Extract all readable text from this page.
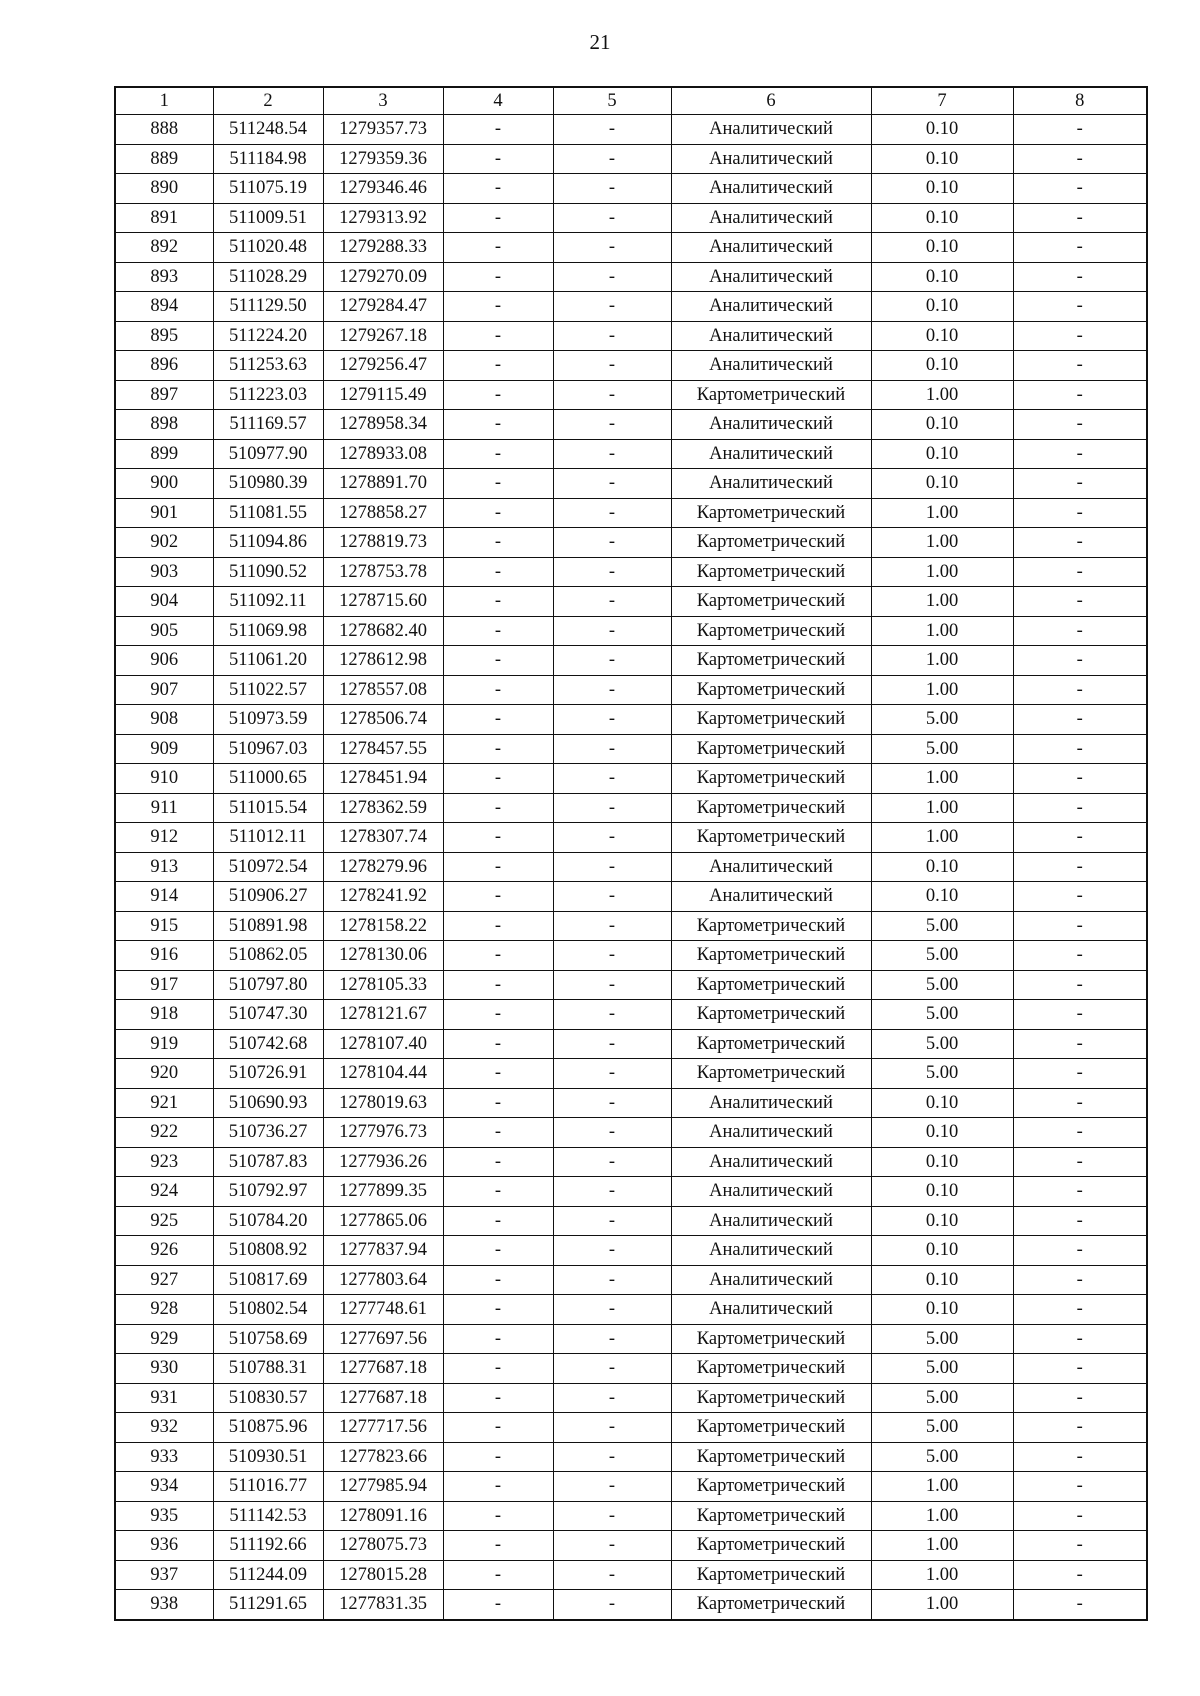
21
1	2	3	4	5	6	7	8
888	511248.54	1279357.73	-	-	Аналитический	0.10	-
889	511184.98	1279359.36	-	-	Аналитический	0.10	-
890	511075.19	1279346.46	-	-	Аналитический	0.10	-
891	511009.51	1279313.92	-	-	Аналитический	0.10	-
892	511020.48	1279288.33	-	-	Аналитический	0.10	-
893	511028.29	1279270.09	-	-	Аналитический	0.10	-
894	511129.50	1279284.47	-	-	Аналитический	0.10	-
895	511224.20	1279267.18	-	-	Аналитический	0.10	-
896	511253.63	1279256.47	-	-	Аналитический	0.10	-
897	511223.03	1279115.49	-	-	Картометрический	1.00	-
898	511169.57	1278958.34	-	-	Аналитический	0.10	-
899	510977.90	1278933.08	-	-	Аналитический	0.10	-
900	510980.39	1278891.70	-	-	Аналитический	0.10	-
901	511081.55	1278858.27	-	-	Картометрический	1.00	-
902	511094.86	1278819.73	-	-	Картометрический	1.00	-
903	511090.52	1278753.78	-	-	Картометрический	1.00	-
904	511092.11	1278715.60	-	-	Картометрический	1.00	-
905	511069.98	1278682.40	-	-	Картометрический	1.00	-
906	511061.20	1278612.98	-	-	Картометрический	1.00	-
907	511022.57	1278557.08	-	-	Картометрический	1.00	-
908	510973.59	1278506.74	-	-	Картометрический	5.00	-
909	510967.03	1278457.55	-	-	Картометрический	5.00	-
910	511000.65	1278451.94	-	-	Картометрический	1.00	-
911	511015.54	1278362.59	-	-	Картометрический	1.00	-
912	511012.11	1278307.74	-	-	Картометрический	1.00	-
913	510972.54	1278279.96	-	-	Аналитический	0.10	-
914	510906.27	1278241.92	-	-	Аналитический	0.10	-
915	510891.98	1278158.22	-	-	Картометрический	5.00	-
916	510862.05	1278130.06	-	-	Картометрический	5.00	-
917	510797.80	1278105.33	-	-	Картометрический	5.00	-
918	510747.30	1278121.67	-	-	Картометрический	5.00	-
919	510742.68	1278107.40	-	-	Картометрический	5.00	-
920	510726.91	1278104.44	-	-	Картометрический	5.00	-
921	510690.93	1278019.63	-	-	Аналитический	0.10	-
922	510736.27	1277976.73	-	-	Аналитический	0.10	-
923	510787.83	1277936.26	-	-	Аналитический	0.10	-
924	510792.97	1277899.35	-	-	Аналитический	0.10	-
925	510784.20	1277865.06	-	-	Аналитический	0.10	-
926	510808.92	1277837.94	-	-	Аналитический	0.10	-
927	510817.69	1277803.64	-	-	Аналитический	0.10	-
928	510802.54	1277748.61	-	-	Аналитический	0.10	-
929	510758.69	1277697.56	-	-	Картометрический	5.00	-
930	510788.31	1277687.18	-	-	Картометрический	5.00	-
931	510830.57	1277687.18	-	-	Картометрический	5.00	-
932	510875.96	1277717.56	-	-	Картометрический	5.00	-
933	510930.51	1277823.66	-	-	Картометрический	5.00	-
934	511016.77	1277985.94	-	-	Картометрический	1.00	-
935	511142.53	1278091.16	-	-	Картометрический	1.00	-
936	511192.66	1278075.73	-	-	Картометрический	1.00	-
937	511244.09	1278015.28	-	-	Картометрический	1.00	-
938	511291.65	1277831.35	-	-	Картометрический	1.00	-
